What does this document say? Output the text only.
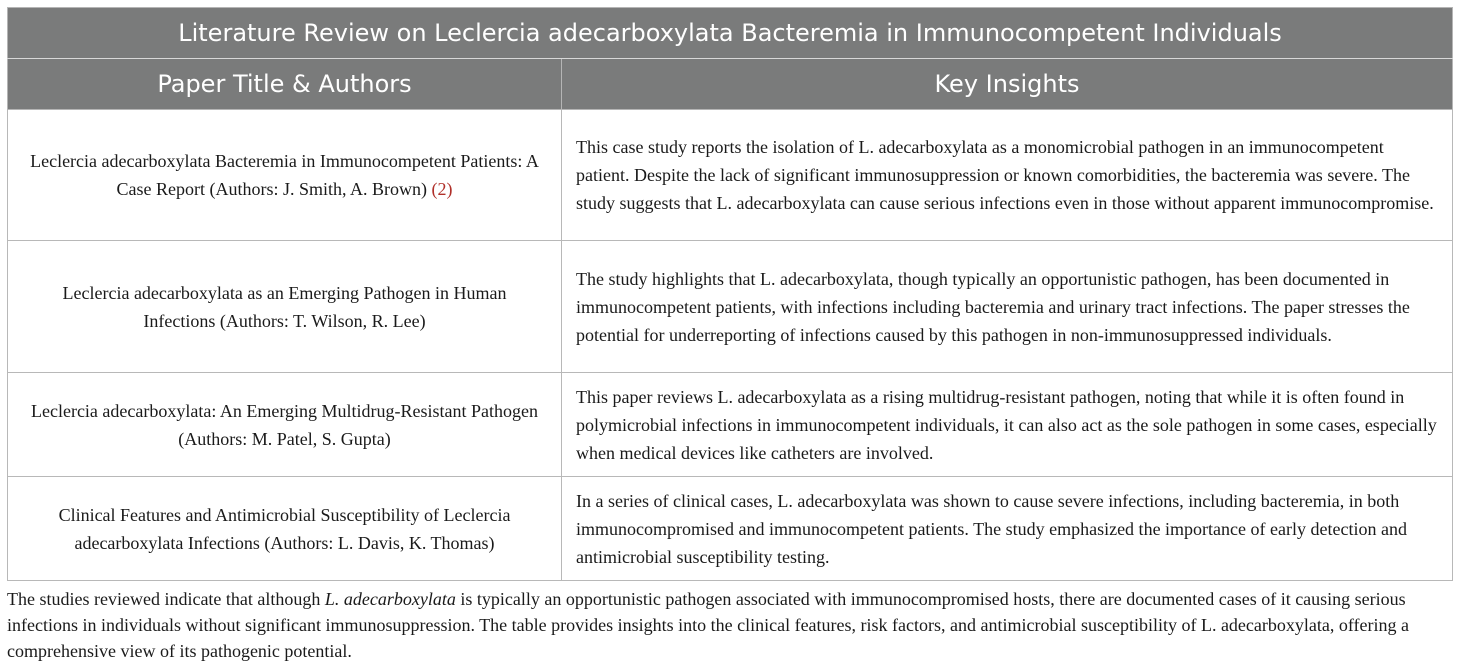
Literature Review on Leclercia adecarboxylata Bacteremia in Immunocompetent Individuals	
Paper Title & Authors	Key Insights
Leclercia adecarboxylata Bacteremia in Immunocompetent Patients: A Case Report (Authors: J. Smith, A. Brown) (2)	This case study reports the isolation of L. adecarboxylata as a monomicrobial pathogen in an immunocompetent patient. Despite the lack of significant immunosuppression or known comorbidities, the bacteremia was severe. The study suggests that L. adecarboxylata can cause serious infections even in those without apparent immunocompromise.
Leclercia adecarboxylata as an Emerging Pathogen in Human Infections (Authors: T. Wilson, R. Lee)	The study highlights that L. adecarboxylata, though typically an opportunistic pathogen, has been documented in immunocompetent patients, with infections including bacteremia and urinary tract infections. The paper stresses the potential for underreporting of infections caused by this pathogen in non-immunosuppressed individuals.
Leclercia adecarboxylata: An Emerging Multidrug-Resistant Pathogen (Authors: M. Patel, S. Gupta)	This paper reviews L. adecarboxylata as a rising multidrug-resistant pathogen, noting that while it is often found in polymicrobial infections in immunocompetent individuals, it can also act as the sole pathogen in some cases, especially when medical devices like catheters are involved.
Clinical Features and Antimicrobial Susceptibility of Leclercia adecarboxylata Infections (Authors: L. Davis, K. Thomas)	In a series of clinical cases, L. adecarboxylata was shown to cause severe infections, including bacteremia, in both immunocompromised and immunocompetent patients. The study emphasized the importance of early detection and antimicrobial susceptibility testing.

The studies reviewed indicate that although L. adecarboxylata is typically an opportunistic pathogen associated with immunocompromised hosts, there are documented cases of it causing serious infections in individuals without significant immunosuppression. The table provides insights into the clinical features, risk factors, and antimicrobial susceptibility of L. adecarboxylata, offering a comprehensive view of its pathogenic potential.
